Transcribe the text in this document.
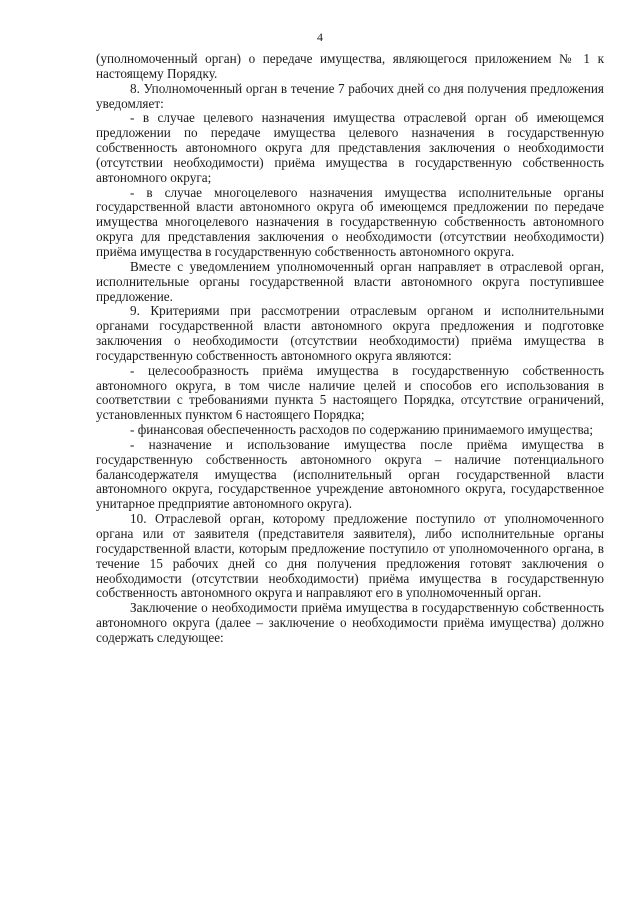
4

(уполномоченный орган) о передаче имущества, являющегося приложением № 1 к настоящему Порядку.

8. Уполномоченный орган в течение 7 рабочих дней со дня получения предложения уведомляет:

- в случае целевого назначения имущества отраслевой орган об имеющемся предложении по передаче имущества целевого назначения в государственную собственность автономного округа для представления заключения о необходимости (отсутствии необходимости) приёма имущества в государственную собственность автономного округа;

- в случае многоцелевого назначения имущества исполнительные органы государственной власти автономного округа об имеющемся предложении по передаче имущества многоцелевого назначения в государственную собственность автономного округа для представления заключения о необходимости (отсутствии необходимости) приёма имущества в государственную собственность автономного округа.

Вместе с уведомлением уполномоченный орган направляет в отраслевой орган, исполнительные органы государственной власти автономного округа поступившее предложение.

9. Критериями при рассмотрении отраслевым органом и исполнительными органами государственной власти автономного округа предложения и подготовке заключения о необходимости (отсутствии необходимости) приёма имущества в государственную собственность автономного округа являются:

- целесообразность приёма имущества в государственную собственность автономного округа, в том числе наличие целей и способов его использования в соответствии с требованиями пункта 5 настоящего Порядка, отсутствие ограничений, установленных пунктом 6 настоящего Порядка;

- финансовая обеспеченность расходов по содержанию принимаемого имущества;

- назначение и использование имущества после приёма имущества в государственную собственность автономного округа – наличие потенциального балансодержателя имущества (исполнительный орган государственной власти автономного округа, государственное учреждение автономного округа, государственное унитарное предприятие автономного округа).

10. Отраслевой орган, которому предложение поступило от уполномоченного органа или от заявителя (представителя заявителя), либо исполнительные органы государственной власти, которым предложение поступило от уполномоченного органа, в течение 15 рабочих дней со дня получения предложения готовят заключения о необходимости (отсутствии необходимости) приёма имущества в государственную собственность автономного округа и направляют его в уполномоченный орган.

Заключение о необходимости приёма имущества в государственную собственность автономного округа (далее – заключение о необходимости приёма имущества) должно содержать следующее:
